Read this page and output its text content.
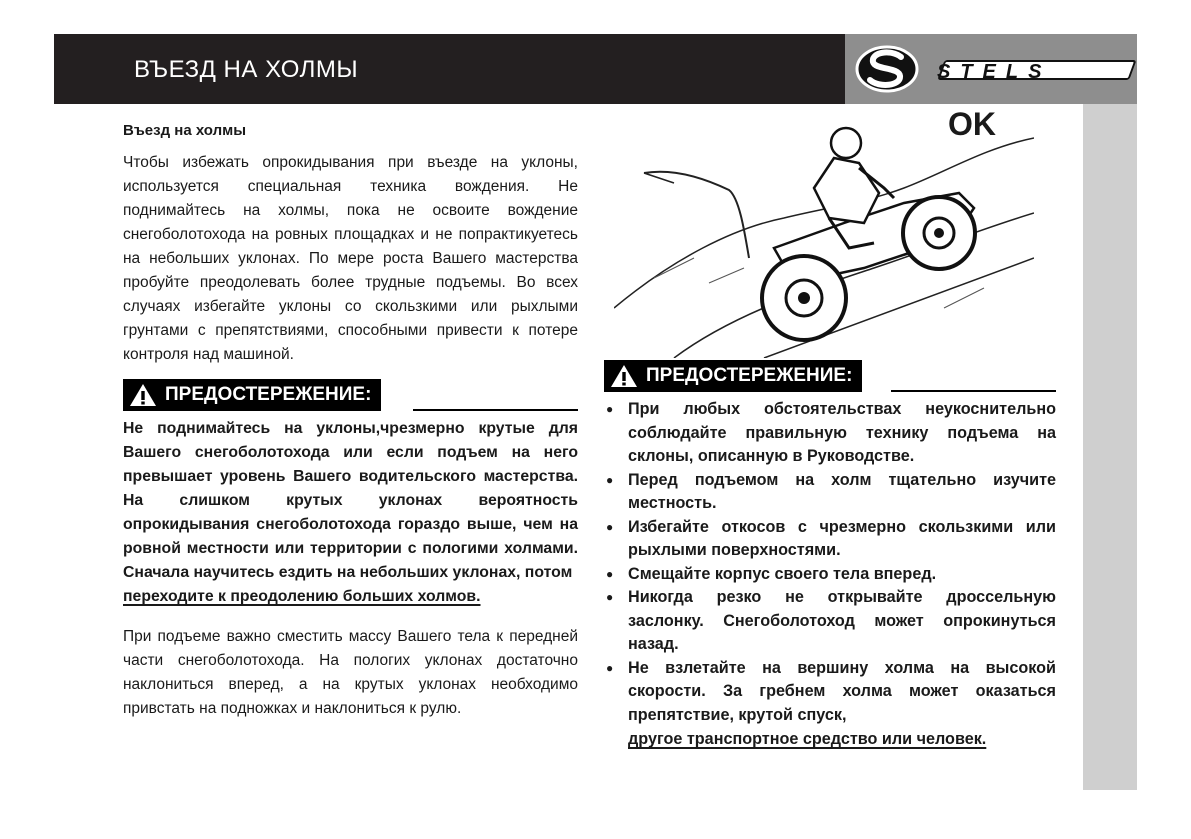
ВЪЕЗД НА ХОЛМЫ	STELS

Въезд на холмы

Чтобы избежать опрокидывания при въезде на уклоны, используется специальная техника вождения. Не поднимайтесь на холмы, пока не освоите вождение снегоболотохода на ровных площадках и не попрактикуетесь на небольших уклонах. По мере роста Вашего мастерства пробуйте преодолевать более трудные подъемы. Во всех случаях избегайте уклоны со скользкими или рыхлыми грунтами с препятствиями, способными привести к потере контроля над машиной.

ПРЕДОСТЕРЕЖЕНИЕ:

Не поднимайтесь на уклоны,чрезмерно крутые для Вашего снегоболотохода или если подъем на него превышает уровень Вашего водительского мастерства. На слишком крутых уклонах вероятность опрокидывания снегоболотохода гораздо выше, чем на ровной местности или территории с пологими холмами. Сначала научитесь ездить на небольших уклонах, потом

переходите к преодолению больших холмов.

При подъеме важно сместить массу Вашего тела к передней части снегоболотохода. На пологих уклонах достаточно наклониться вперед, а на крутых уклонах необходимо привстать на подножках и наклониться к рулю.

OK
ПРЕДОСТЕРЕЖЕНИЕ:
● При любых обстоятельствах неукоснительно соблюдайте правильную технику подъема на склоны, описанную в Руководстве.
● Перед подъемом на холм тщательно изучите местность.
● Избегайте откосов с чрезмерно скользкими или рыхлыми поверхностями.
● Смещайте корпус своего тела вперед.
● Никогда резко не открывайте дроссельную заслонку. Снегоболотоход может опрокинуться назад.
● Не взлетайте на вершину холма на высокой скорости. За гребнем холма может оказаться препятствие, крутой спуск,
другое транспортное средство или человек.
